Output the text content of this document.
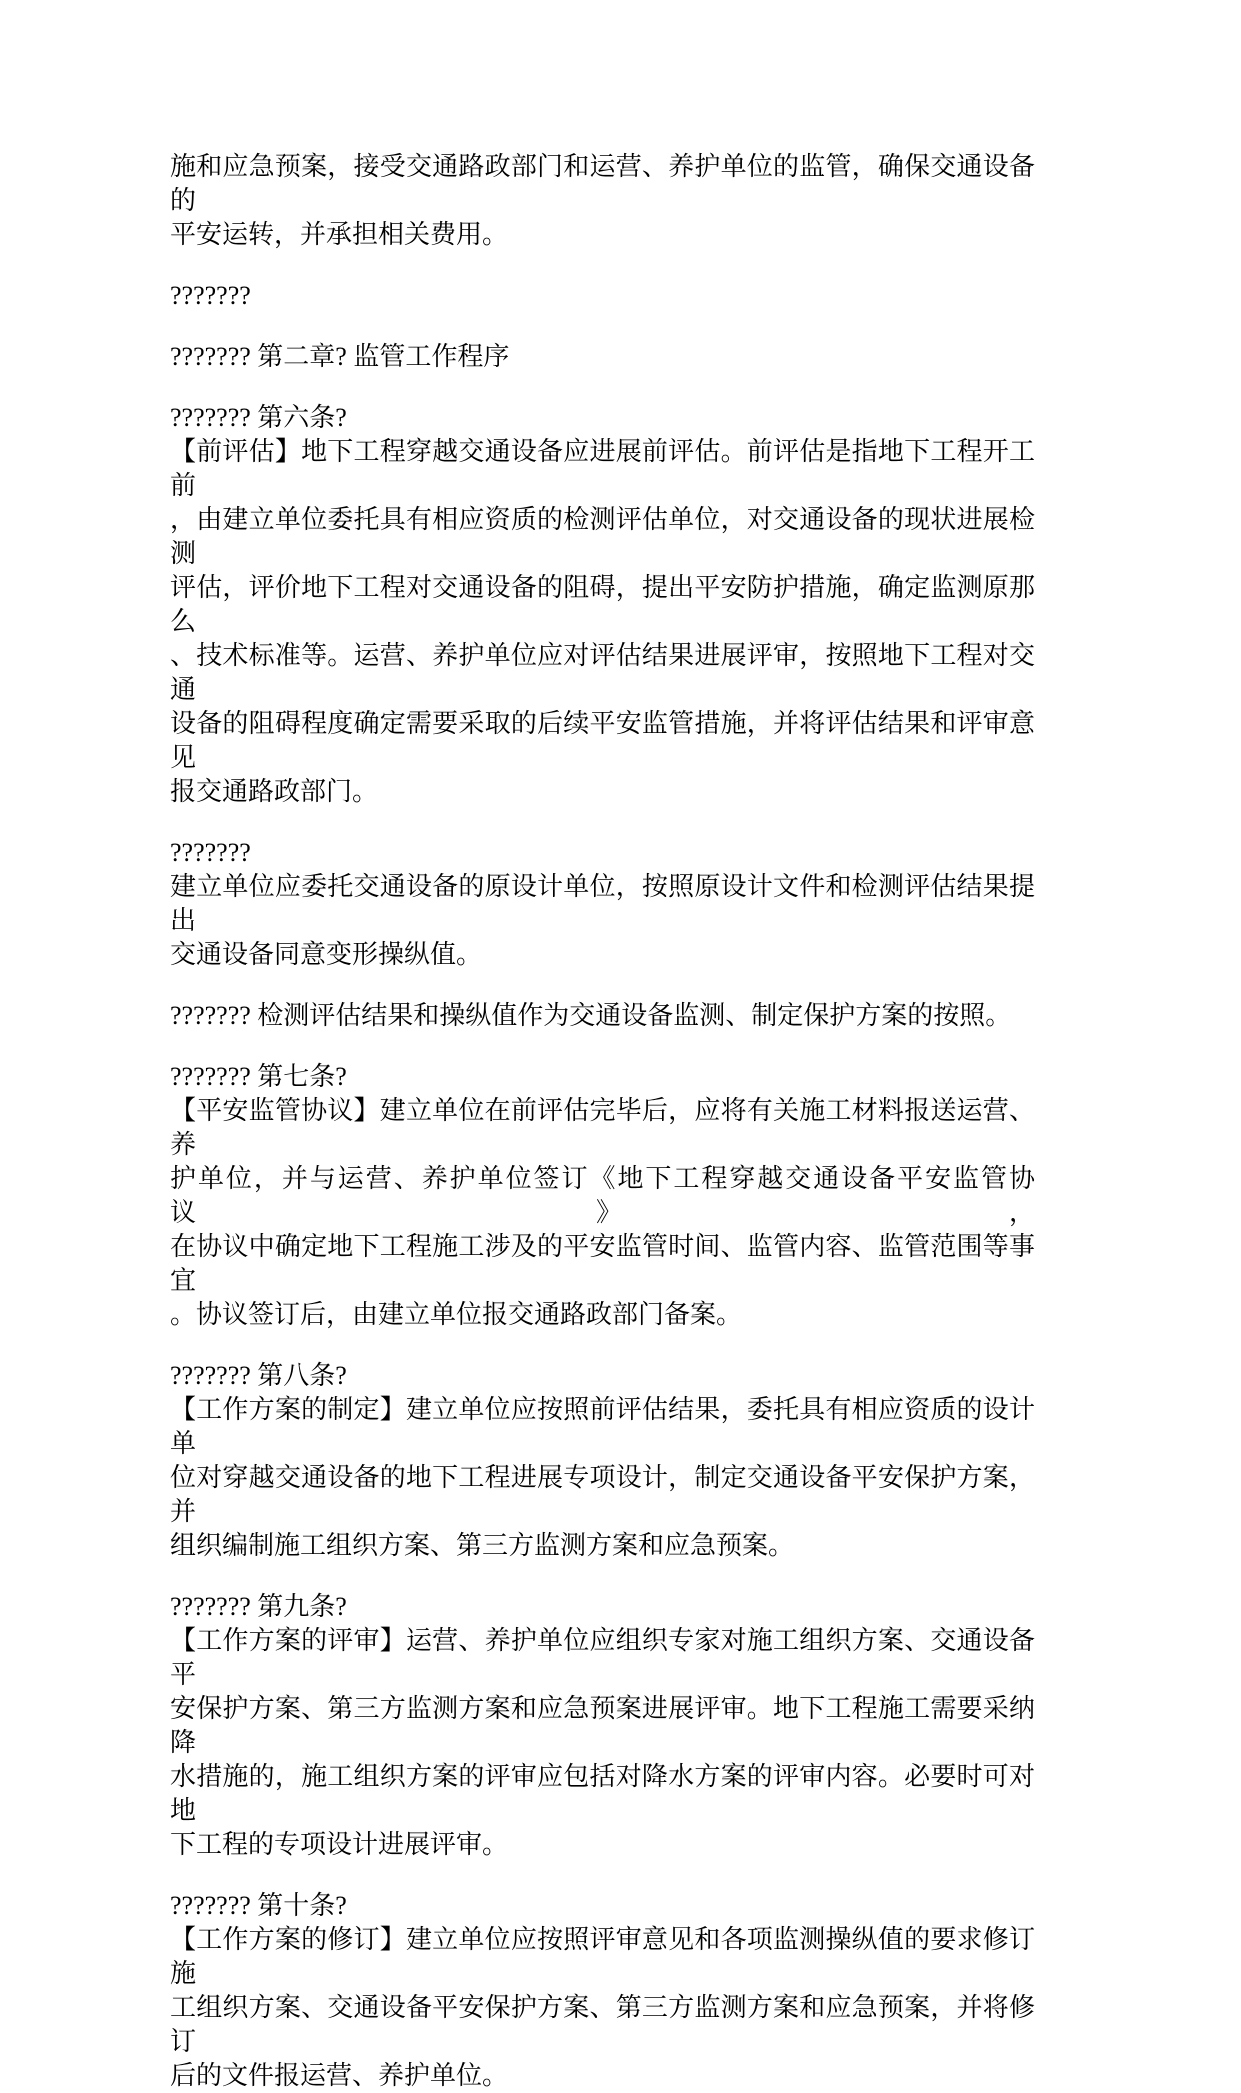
施和应急预案，接受交通路政部门和运营、养护单位的监管，确保交通设备的
平安运转，并承担相关费用。
???????
??????? 第二章? 监管工作程序
??????? 第六条?
【前评估】地下工程穿越交通设备应进展前评估。前评估是指地下工程开工前
，由建立单位委托具有相应资质的检测评估单位，对交通设备的现状进展检测
评估，评价地下工程对交通设备的阻碍，提出平安防护措施，确定监测原那么
、技术标准等。运营、养护单位应对评估结果进展评审，按照地下工程对交通
设备的阻碍程度确定需要采取的后续平安监管措施，并将评估结果和评审意见
报交通路政部门。
???????
建立单位应委托交通设备的原设计单位，按照原设计文件和检测评估结果提出
交通设备同意变形操纵值。
??????? 检测评估结果和操纵值作为交通设备监测、制定保护方案的按照。
??????? 第七条?
【平安监管协议】建立单位在前评估完毕后，应将有关施工材料报送运营、养
护单位，并与运营、养护单位签订《地下工程穿越交通设备平安监管协议》，
在协议中确定地下工程施工涉及的平安监管时间、监管内容、监管范围等事宜
。协议签订后，由建立单位报交通路政部门备案。
??????? 第八条?
【工作方案的制定】建立单位应按照前评估结果，委托具有相应资质的设计单
位对穿越交通设备的地下工程进展专项设计，制定交通设备平安保护方案，并
组织编制施工组织方案、第三方监测方案和应急预案。
??????? 第九条?
【工作方案的评审】运营、养护单位应组织专家对施工组织方案、交通设备平
安保护方案、第三方监测方案和应急预案进展评审。地下工程施工需要采纳降
水措施的，施工组织方案的评审应包括对降水方案的评审内容。必要时可对地
下工程的专项设计进展评审。
??????? 第十条?
【工作方案的修订】建立单位应按照评审意见和各项监测操纵值的要求修订施
工组织方案、交通设备平安保护方案、第三方监测方案和应急预案，并将修订
后的文件报运营、养护单位。
